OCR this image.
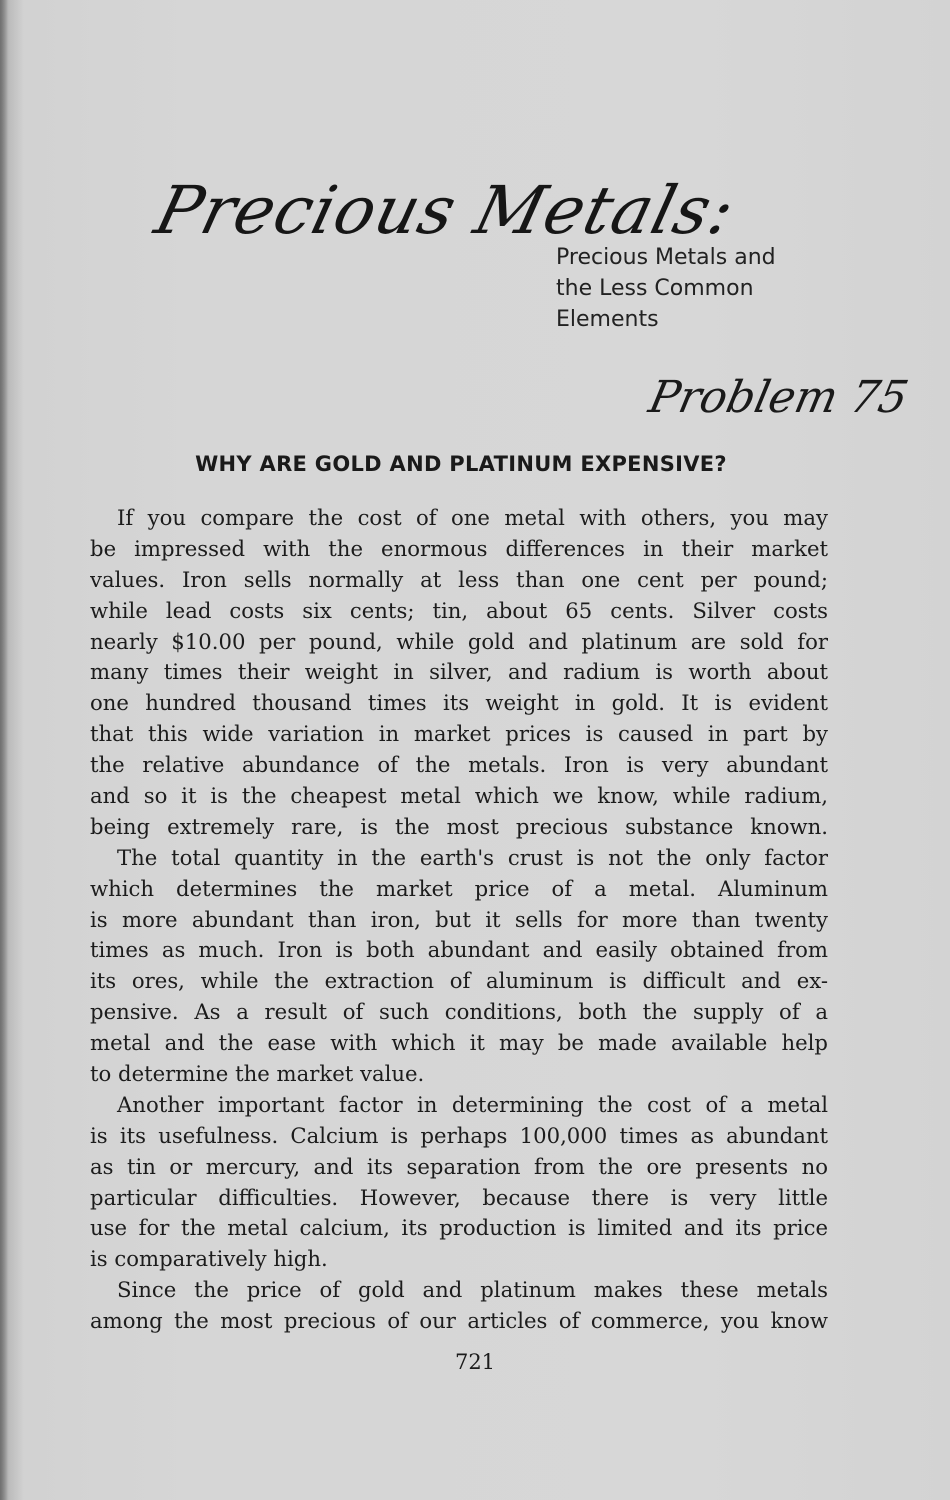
Precious Metals:
Precious Metals and
the Less Common
Elements
Problem 75
WHY ARE GOLD AND PLATINUM EXPENSIVE?
If you compare the cost of one metal with others, you may
be impressed with the enormous differences in their market
values. Iron sells normally at less than one cent per pound;
while lead costs six cents; tin, about 65 cents. Silver costs
nearly $10.00 per pound, while gold and platinum are sold for
many times their weight in silver, and radium is worth about
one hundred thousand times its weight in gold. It is evident
that this wide variation in market prices is caused in part by
the relative abundance of the metals. Iron is very abundant
and so it is the cheapest metal which we know, while radium,
being extremely rare, is the most precious substance known.
The total quantity in the earth's crust is not the only factor
which determines the market price of a metal. Aluminum
is more abundant than iron, but it sells for more than twenty
times as much. Iron is both abundant and easily obtained from
its ores, while the extraction of aluminum is difficult and ex-
pensive. As a result of such conditions, both the supply of a
metal and the ease with which it may be made available help
to determine the market value.
Another important factor in determining the cost of a metal
is its usefulness. Calcium is perhaps 100,000 times as abundant
as tin or mercury, and its separation from the ore presents no
particular difficulties. However, because there is very little
use for the metal calcium, its production is limited and its price
is comparatively high.
Since the price of gold and platinum makes these metals
among the most precious of our articles of commerce, you know
721
